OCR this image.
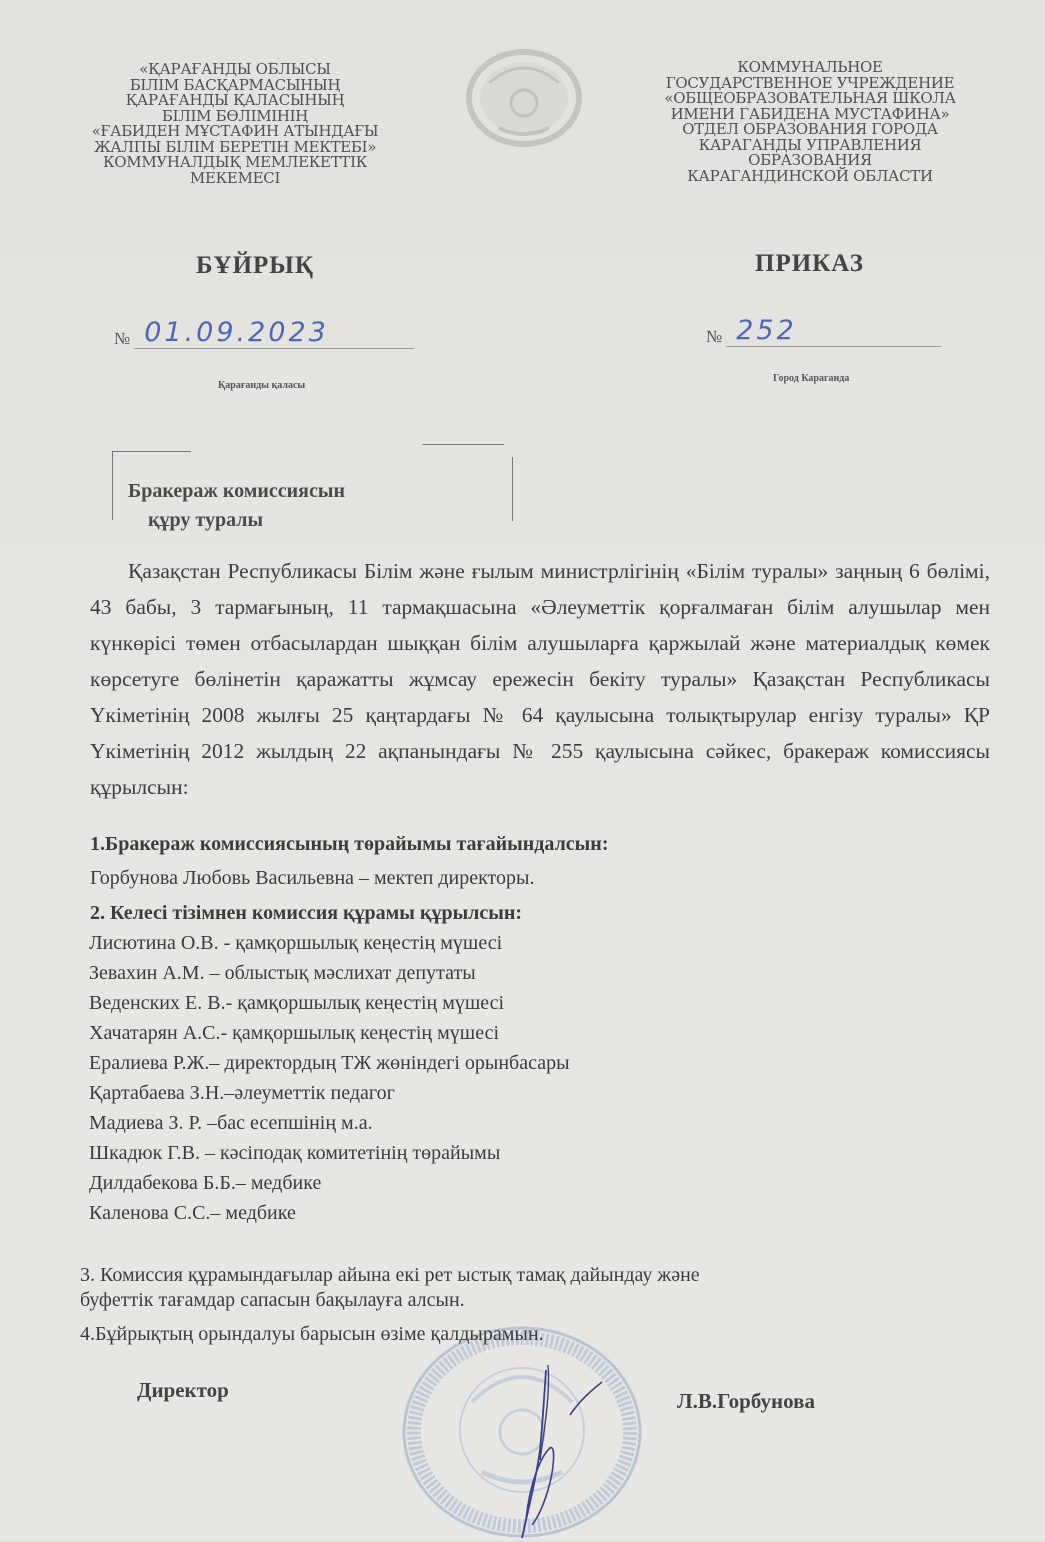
«ҚАРАҒАНДЫ ОБЛЫСЫ
БІЛІМ БАСҚАРМАСЫНЫҢ
ҚАРАҒАНДЫ ҚАЛАСЫНЫҢ
БІЛІМ БӨЛІМІНІҢ
«ҒАБИДЕН МҰСТАФИН АТЫНДАҒЫ
ЖАЛПЫ БІЛІМ БЕРЕТІН МЕКТЕБІ»
КОММУНАЛДЫҚ МЕМЛЕКЕТТІК
МЕКЕМЕСІ
КОММУНАЛЬНОЕ
ГОСУДАРСТВЕННОЕ УЧРЕЖДЕНИЕ
«ОБЩЕОБРАЗОВАТЕЛЬНАЯ ШКОЛА
ИМЕНИ ГАБИДЕНА МУСТАФИНА»
ОТДЕЛ ОБРАЗОВАНИЯ ГОРОДА
КАРАГАНДЫ УПРАВЛЕНИЯ
ОБРАЗОВАНИЯ
КАРАГАНДИНСКОЙ ОБЛАСТИ
БҰЙРЫҚ	ПРИКАЗ
№ 01.09.2023	№ 252
Қарағанды қаласы
Город Караганда
Бракераж комиссиясын
құру туралы
Қазақстан Республикасы Білім және ғылым министрлігінің «Білім туралы» заңның 6 бөлімі, 43 бабы, 3 тармағының, 11 тармақшасына «Әлеуметтік қорғалмаған білім алушылар мен күнкөрісі төмен отбасылардан шыққан білім алушыларға қаржылай және материалдық көмек көрсетуге бөлінетін қаражатты жұмсау ережесін бекіту туралы» Қазақстан Республикасы Үкіметінің 2008 жылғы 25 қаңтардағы № 64 қаулысына толықтырулар енгізу туралы» ҚР Үкіметінің 2012 жылдың 22 ақпанындағы № 255 қаулысына сәйкес, бракераж комиссиясы құрылсын:
1.Бракераж комиссиясының төрайымы тағайындалсын:
Горбунова Любовь Васильевна – мектеп директоры.
2. Келесі тізімнен комиссия құрамы құрылсын:
Лисютина О.В. - қамқоршылық кеңестің мүшесі
Зевахин А.М. – облыстық мәслихат депутаты
Веденских Е. В.- қамқоршылық кеңестің мүшесі
Хачатарян А.С.- қамқоршылық кеңестің мүшесі
Ералиева Р.Ж.– директордың ТЖ жөніндегі орынбасары
Қартабаева З.Н.–әлеуметтік педагог
Мадиева З. Р. –бас есепшінің м.а.
Шкадюк Г.В. – кәсіподақ комитетінің төрайымы
Дилдабекова Б.Б.– медбике
Каленова С.С.– медбике
3. Комиссия құрамындағылар айына екі рет ыстық тамақ дайындау және
буфеттік тағамдар сапасын бақылауға алсын.
4.Бұйрықтың орындалуы барысын өзіме қалдырамын.
Директор	Л.В.Горбунова
